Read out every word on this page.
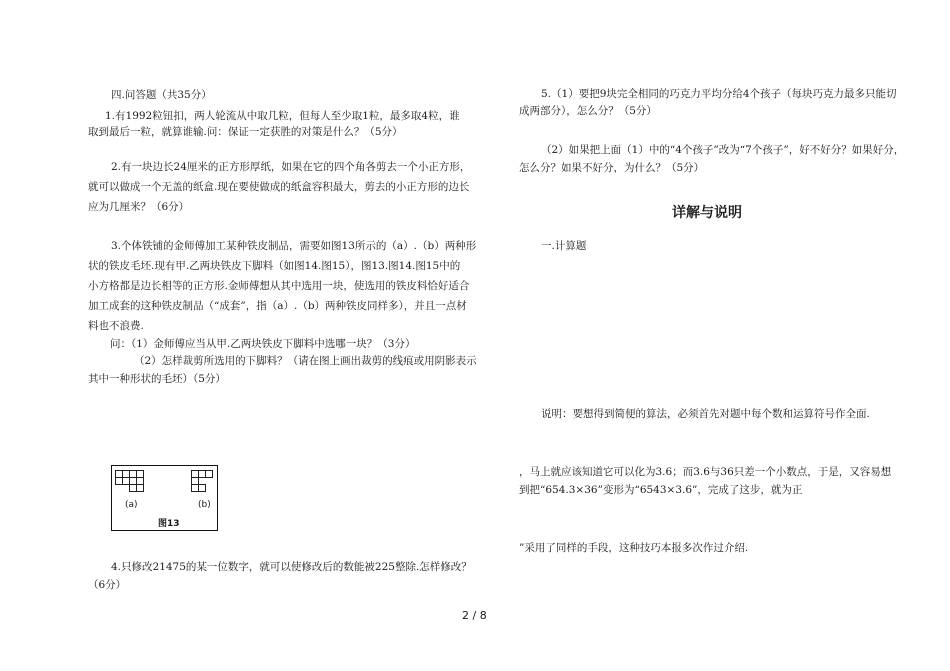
四.问答题（共35分）
1.有1992粒钮扣，两人轮流从中取几粒，但每人至少取1粒，最多取4粒，谁
取到最后一粒，就算谁输.问：保证一定获胜的对策是什么？（5分）
2.有一块边长24厘米的正方形厚纸，如果在它的四个角各剪去一个小正方形，
就可以做成一个无盖的纸盒.现在要使做成的纸盒容积最大，剪去的小正方形的边长
应为几厘米？（6分）
3.个体铁铺的金师傅加工某种铁皮制品，需要如图13所示的（a）.（b）两种形
状的铁皮毛坯.现有甲.乙两块铁皮下脚料（如图14.图15），图13.图14.图15中的
小方格都是边长相等的正方形.金师傅想从其中选用一块，使选用的铁皮料恰好适合
加工成套的这种铁皮制品（“成套”，指（a）.（b）两种铁皮同样多），并且一点材
料也不浪费.
问：（1）金师傅应当从甲.乙两块铁皮下脚料中选哪一块？（3分）
（2）怎样裁剪所选用的下脚料？（请在图上画出裁剪的线痕或用阴影表示
其中一种形状的毛坯）（5分）
(a)	(b)
图13
4.只修改21475的某一位数字，就可以使修改后的数能被225整除.怎样修改？
（6分）
5.（1）要把9块完全相同的巧克力平均分给4个孩子（每块巧克力最多只能切
成两部分），怎么分？（5分）
（2）如果把上面（1）中的“4个孩子”改为“7个孩子”，好不好分？如果好分，
怎么分？如果不好分，为什么？（5分）
详解与说明
一.计算题
说明：要想得到简便的算法，必须首先对题中每个数和运算符号作全面.
，马上就应该知道它可以化为3.6；而3.6与36只差一个小数点，于是，又容易想
到把“654.3×36”变形为“6543×3.6”，完成了这步，就为正
”采用了同样的手段，这种技巧本报多次作过介绍.
2 / 8
